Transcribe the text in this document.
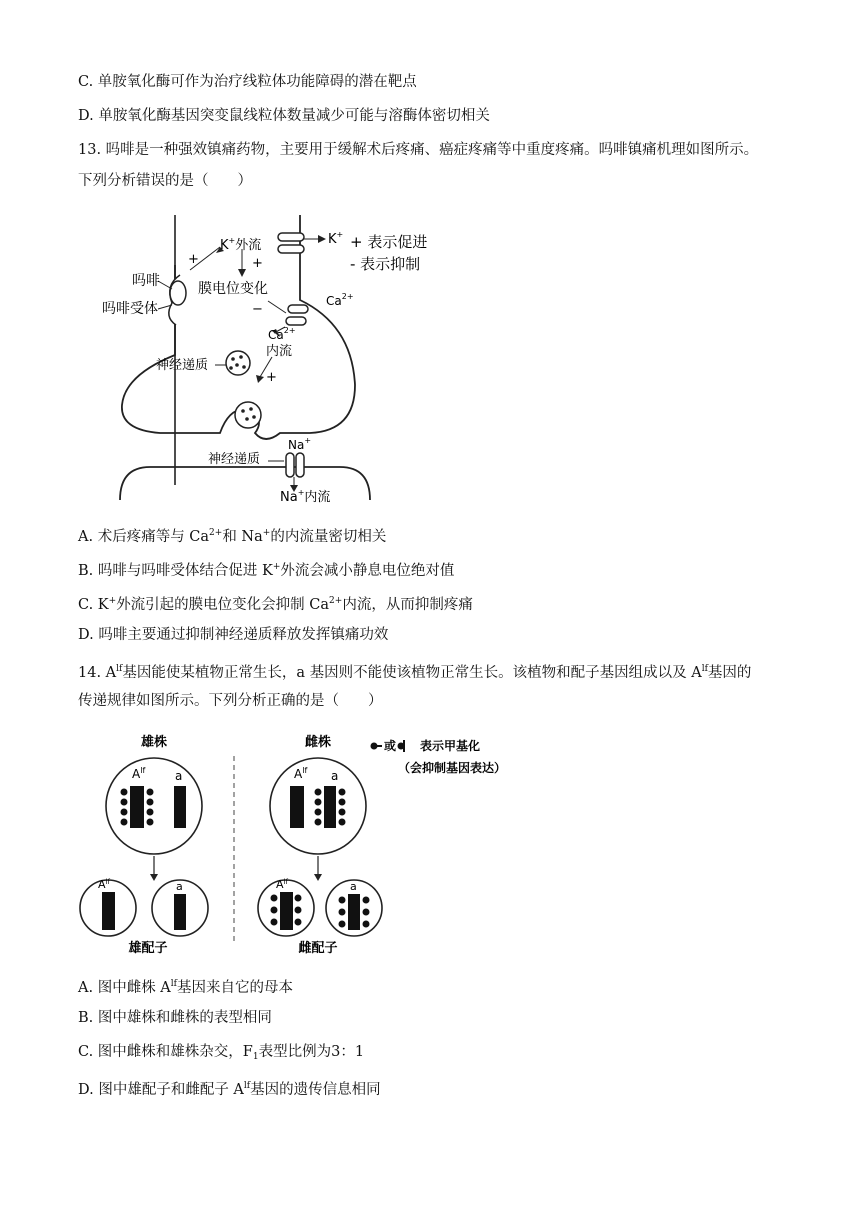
C. 单胺氧化酶可作为治疗线粒体功能障碍的潜在靶点
D. 单胺氧化酶基因突变鼠线粒体数量减少可能与溶酶体密切相关
13. 吗啡是一种强效镇痛药物，主要用于缓解术后疼痛、癌症疼痛等中重度疼痛。吗啡镇痛机理如图所示。
下列分析错误的是（　　）
吗啡
吗啡受体
+
K+外流
+
K+
膜电位变化
−
$Ca^{2+}$
$Ca^{2+}$
内流
神经递质
+
神经递质
Na+
Na+内流
+ 表示促进
- 表示抑制
A. 术后疼痛等与 $Ca^{2+}$和 Na+的内流量密切相关
B. 吗啡与吗啡受体结合促进 K+外流会减小静息电位绝对值
C. K+外流引起的膜电位变化会抑制 $Ca^{2+}$内流，从而抑制疼痛
D. 吗啡主要通过抑制神经递质释放发挥镇痛功效
14. $A^{lf}$基因能使某植物正常生长，a 基因则不能使该植物正常生长。该植物和配子基因组成以及 $A^{lf}$基因的
传递规律如图所示。下列分析正确的是（　　）
雄株
$A^{lf}$ a
$A^{lf}$	a
雄配子
雌株
$A^{lf}$ a
$A^{lf}$	a
雌配子
或 表示甲基化
（会抑制基因表达）
A. 图中雌株 $A^{lf}$基因来自它的母本
B. 图中雄株和雌株的表型相同
C. 图中雌株和雄株杂交，$F_1$表型比例为3：1
D. 图中雄配子和雌配子 $A^{lf}$基因的遗传信息相同
